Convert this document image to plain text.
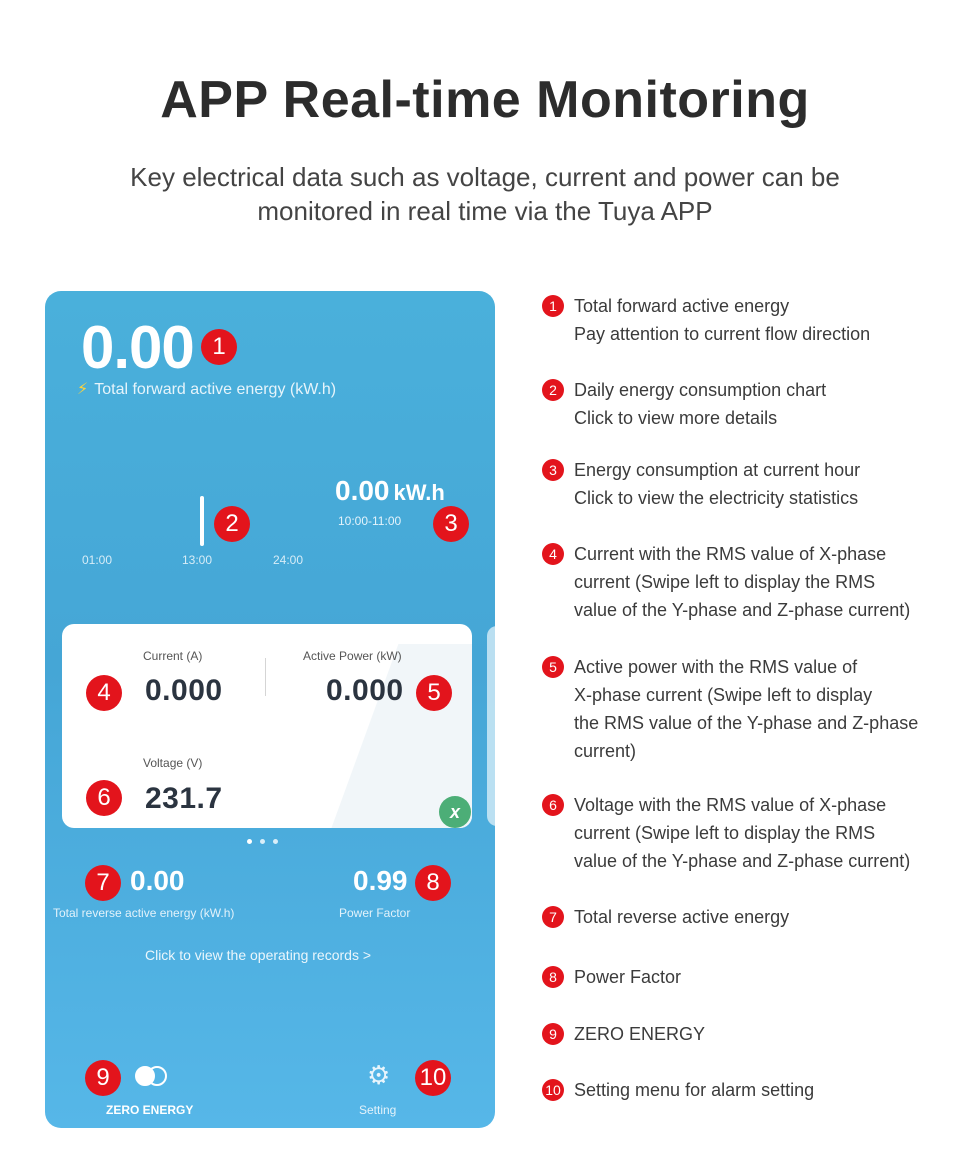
APP Real-time Monitoring
Key electrical data such as voltage, current and power can be
monitored in real time via the Tuya APP
0.00 1
⚡ Total forward active energy (kW.h)
2
01:00	13:00	24:00
0.00 kW.h
10:00-11:00	3
Current (A)
0.000
Active Power (kW)
0.000
Voltage (V)
231.7	x
4	5
6
7 0.00
Total reverse active energy (kW.h)
0.99 8
Power Factor
Click to view the operating records >
9
ZERO ENERGY
⚙
Setting
10
1 Total forward active energy
Pay attention to current flow direction
2 Daily energy consumption chart
Click to view more details
3 Energy consumption at current hour
Click to view the electricity statistics
4 Current with the RMS value of X-phase
current (Swipe left to display the RMS
value of the Y-phase and Z-phase current)
5 Active power with the RMS value of
X-phase current (Swipe left to display
the RMS value of the Y-phase and Z-phase
current)
6 Voltage with the RMS value of X-phase
current (Swipe left to display the RMS
value of the Y-phase and Z-phase current)
7 Total reverse active energy
8 Power Factor
9 ZERO ENERGY
10 Setting menu for alarm setting
